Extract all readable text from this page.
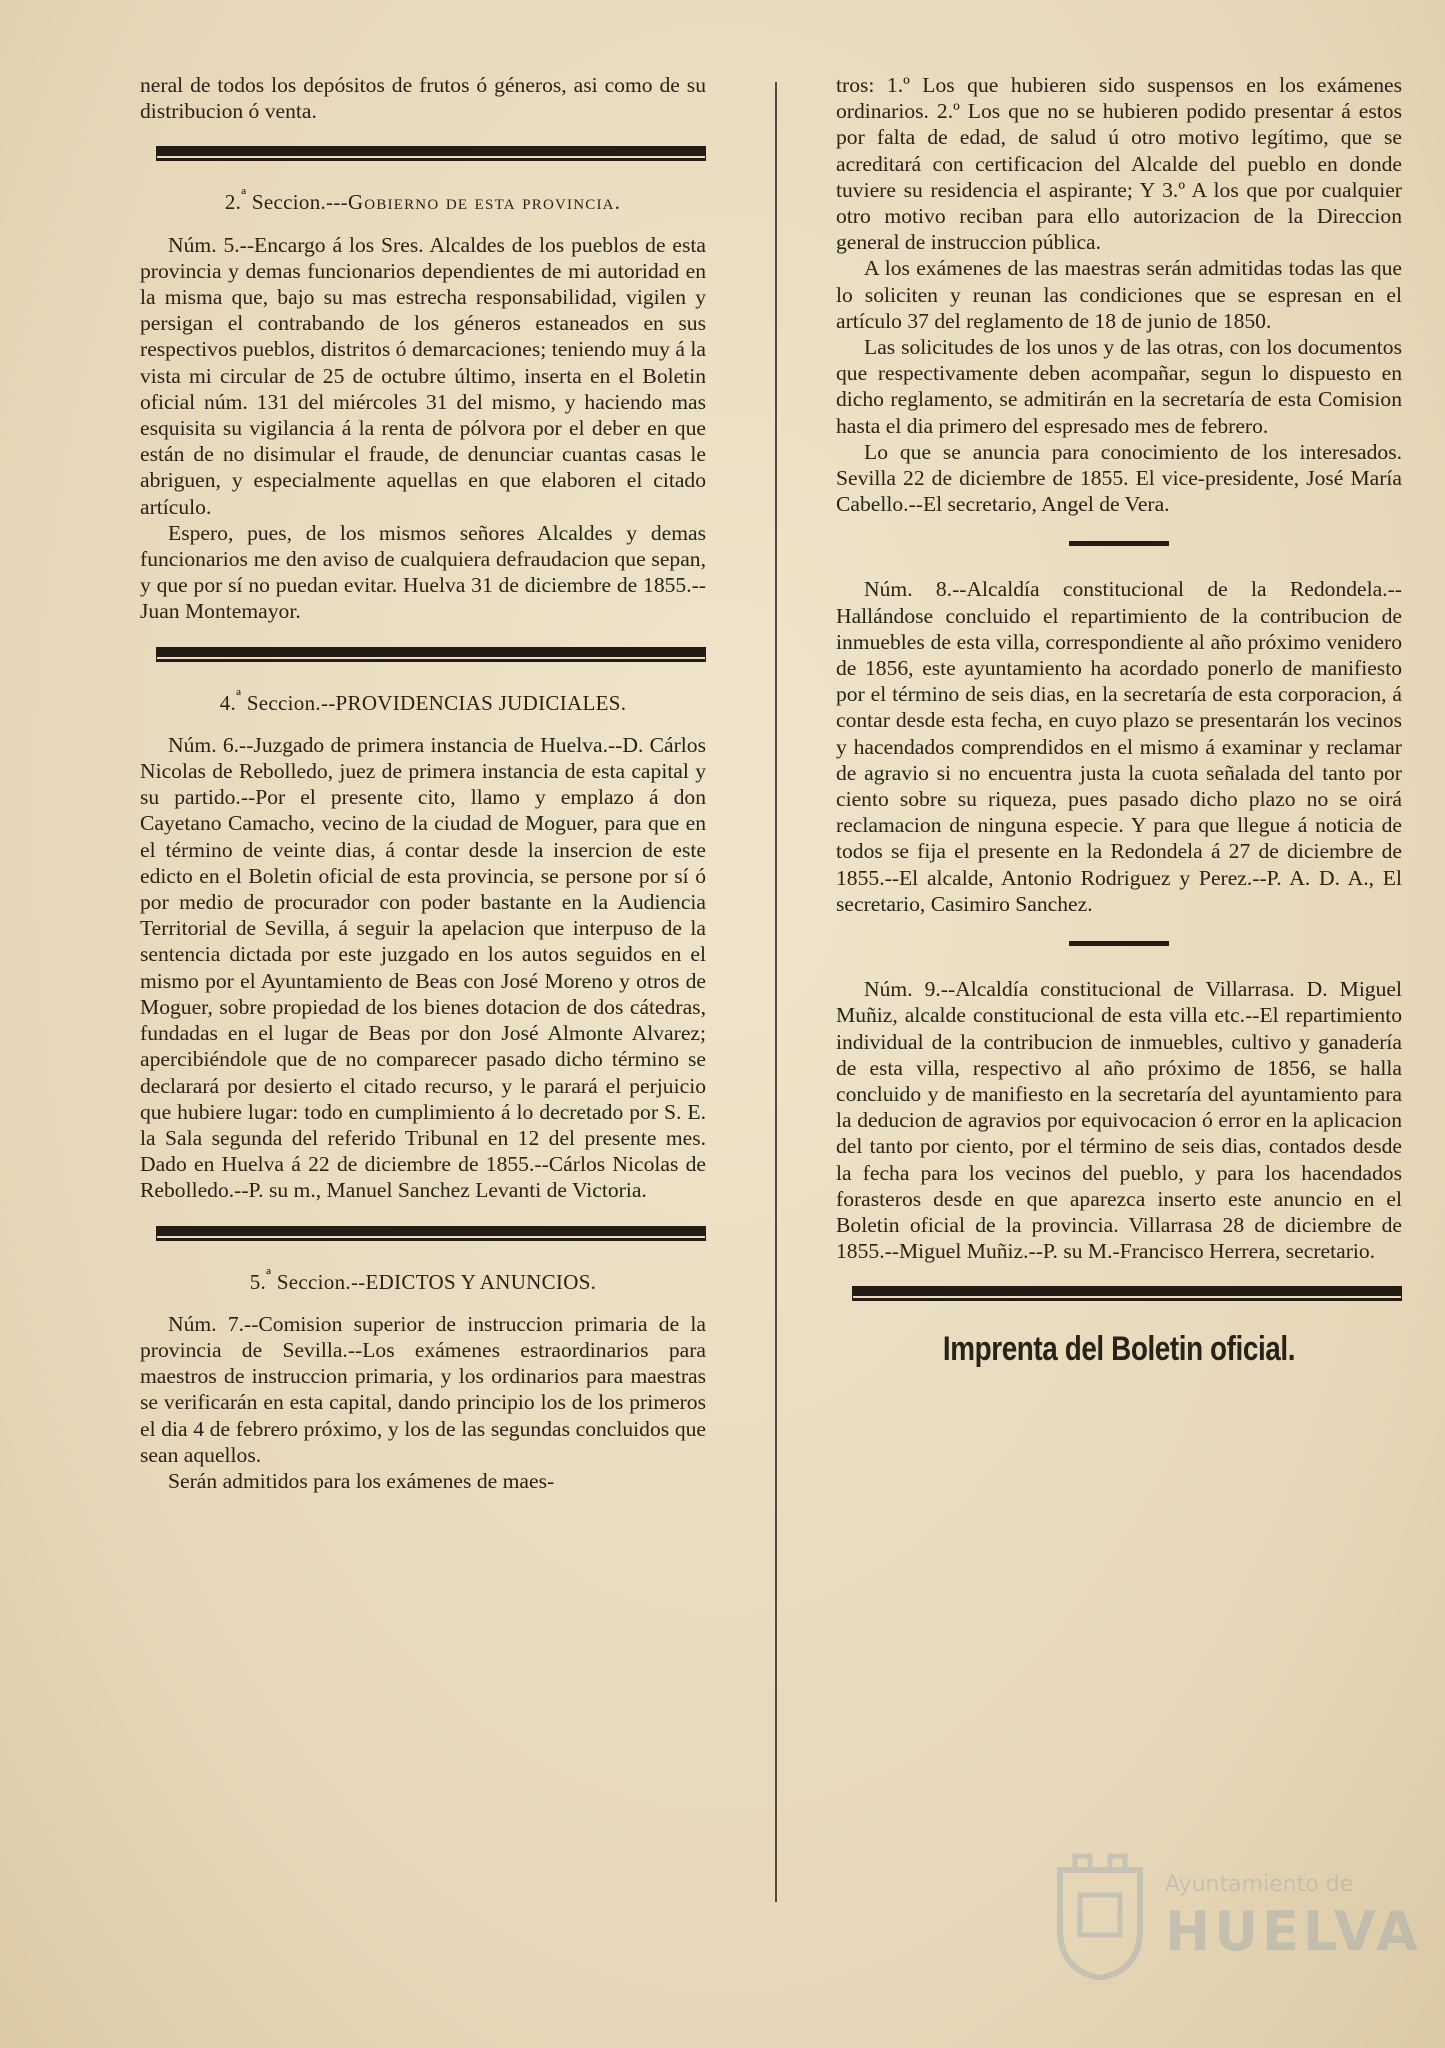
neral de todos los depósitos de frutos ó géneros, asi como de su distribucion ó venta.

2.$^ª$ Seccion.---Gobierno de esta provincia.

Núm. 5.--Encargo á los Sres. Alcaldes de los pueblos de esta provincia y demas funcionarios dependientes de mi autoridad en la misma que, bajo su mas estrecha responsabilidad, vigilen y persigan el contrabando de los géneros estaneados en sus respectivos pueblos, distritos ó demarcaciones; teniendo muy á la vista mi circular de 25 de octubre último, inserta en el Boletin oficial núm. 131 del miércoles 31 del mismo, y haciendo mas esquisita su vigilancia á la renta de pólvora por el deber en que están de no disimular el fraude, de denunciar cuantas casas le abriguen, y especialmente aquellas en que elaboren el citado artículo.

Espero, pues, de los mismos señores Alcaldes y demas funcionarios me den aviso de cualquiera defraudacion que sepan, y que por sí no puedan evitar. Huelva 31 de diciembre de 1855.--Juan Montemayor.

4.$^ª$ Seccion.--PROVIDENCIAS JUDICIALES.

Núm. 6.--Juzgado de primera instancia de Huelva.--D. Cárlos Nicolas de Rebolledo, juez de primera instancia de esta capital y su partido.--Por el presente cito, llamo y emplazo á don Cayetano Camacho, vecino de la ciudad de Moguer, para que en el término de veinte dias, á contar desde la insercion de este edicto en el Boletin oficial de esta provincia, se persone por sí ó por medio de procurador con poder bastante en la Audiencia Territorial de Sevilla, á seguir la apelacion que interpuso de la sentencia dictada por este juzgado en los autos seguidos en el mismo por el Ayuntamiento de Beas con José Moreno y otros de Moguer, sobre propiedad de los bienes dotacion de dos cátedras, fundadas en el lugar de Beas por don José Almonte Alvarez; apercibiéndole que de no comparecer pasado dicho término se declarará por desierto el citado recurso, y le parará el perjuicio que hubiere lugar: todo en cumplimiento á lo decretado por S. E. la Sala segunda del referido Tribunal en 12 del presente mes. Dado en Huelva á 22 de diciembre de 1855.--Cárlos Nicolas de Rebolledo.--P. su m., Manuel Sanchez Levanti de Victoria.

5.$^ª$ Seccion.--EDICTOS Y ANUNCIOS.

Núm. 7.--Comision superior de instruccion primaria de la provincia de Sevilla.--Los exámenes estraordinarios para maestros de instruccion primaria, y los ordinarios para maestras se verificarán en esta capital, dando principio los de los primeros el dia 4 de febrero próximo, y los de las segundas concluidos que sean aquellos.

Serán admitidos para los exámenes de maes-

tros: 1.º Los que hubieren sido suspensos en los exámenes ordinarios. 2.º Los que no se hubieren podido presentar á estos por falta de edad, de salud ú otro motivo legítimo, que se acreditará con certificacion del Alcalde del pueblo en donde tuviere su residencia el aspirante; Y 3.º A los que por cualquier otro motivo reciban para ello autorizacion de la Direccion general de instruccion pública.

A los exámenes de las maestras serán admitidas todas las que lo soliciten y reunan las condiciones que se espresan en el artículo 37 del reglamento de 18 de junio de 1850.

Las solicitudes de los unos y de las otras, con los documentos que respectivamente deben acompañar, segun lo dispuesto en dicho reglamento, se admitirán en la secretaría de esta Comision hasta el dia primero del espresado mes de febrero.

Lo que se anuncia para conocimiento de los interesados. Sevilla 22 de diciembre de 1855. El vice-presidente, José María Cabello.--El secretario, Angel de Vera.

Núm. 8.--Alcaldía constitucional de la Redondela.--Hallándose concluido el repartimiento de la contribucion de inmuebles de esta villa, correspondiente al año próximo venidero de 1856, este ayuntamiento ha acordado ponerlo de manifiesto por el término de seis dias, en la secretaría de esta corporacion, á contar desde esta fecha, en cuyo plazo se presentarán los vecinos y hacendados comprendidos en el mismo á examinar y reclamar de agravio si no encuentra justa la cuota señalada del tanto por ciento sobre su riqueza, pues pasado dicho plazo no se oirá reclamacion de ninguna especie. Y para que llegue á noticia de todos se fija el presente en la Redondela á 27 de diciembre de 1855.--El alcalde, Antonio Rodriguez y Perez.--P. A. D. A., El secretario, Casimiro Sanchez.

Núm. 9.--Alcaldía constitucional de Villarrasa. D. Miguel Muñiz, alcalde constitucional de esta villa etc.--El repartimiento individual de la contribucion de inmuebles, cultivo y ganadería de esta villa, respectivo al año próximo de 1856, se halla concluido y de manifiesto en la secretaría del ayuntamiento para la deducion de agravios por equivocacion ó error en la aplicacion del tanto por ciento, por el término de seis dias, contados desde la fecha para los vecinos del pueblo, y para los hacendados forasteros desde en que aparezca inserto este anuncio en el Boletin oficial de la provincia. Villarrasa 28 de diciembre de 1855.--Miguel Muñiz.--P. su M.-Francisco Herrera, secretario.

Imprenta del Boletin oficial.
Ayuntamiento de
HUELVA
